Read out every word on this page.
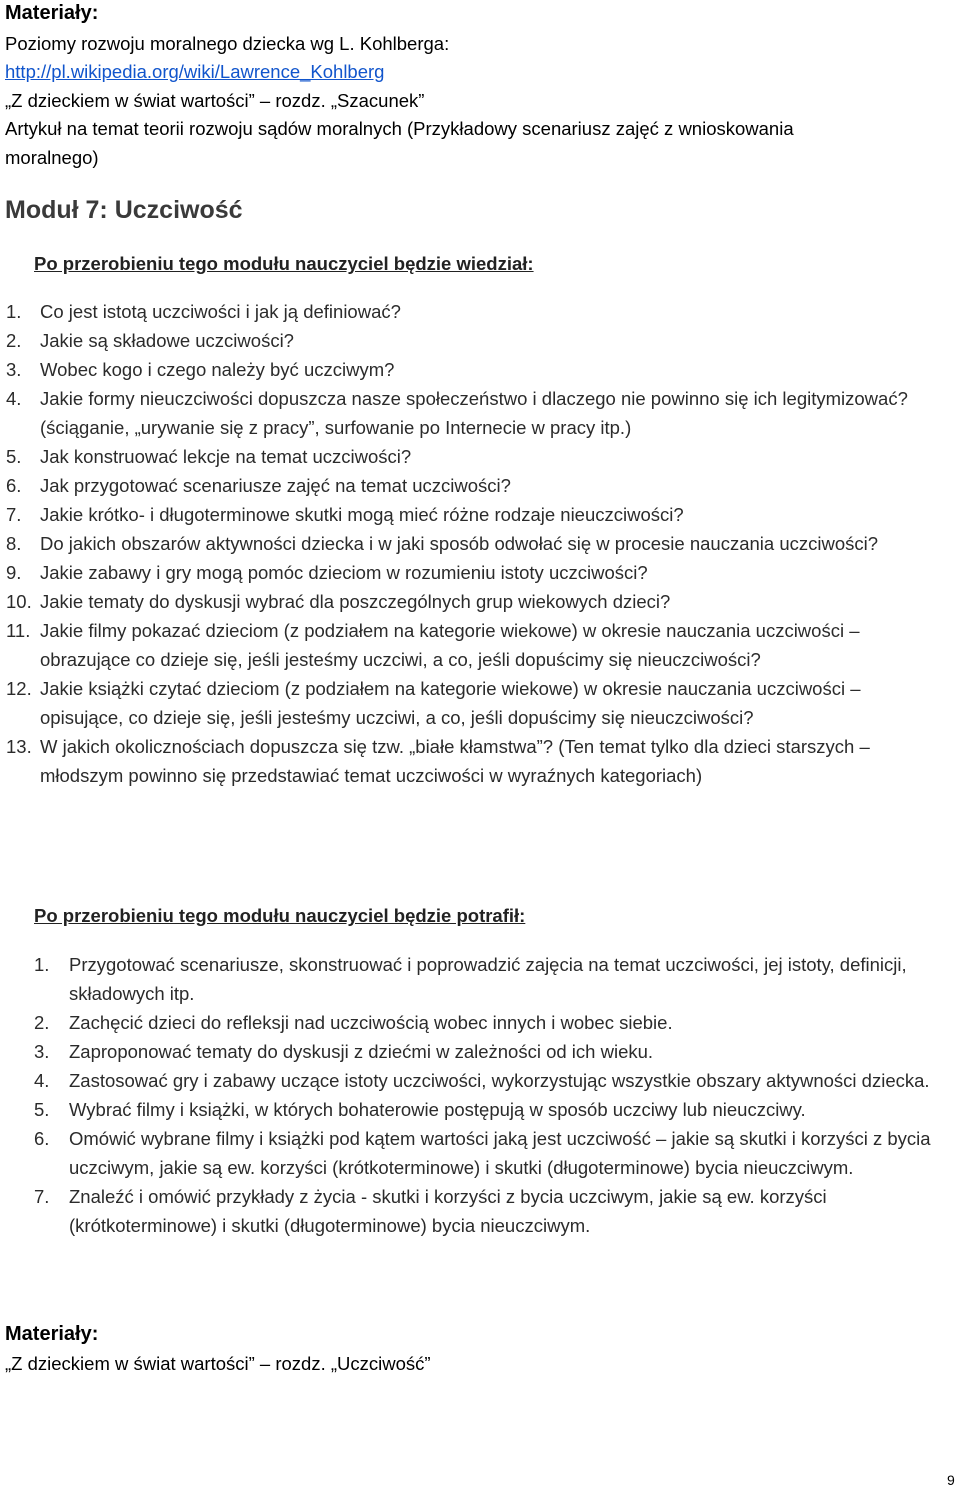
Materiały:
Poziomy rozwoju moralnego dziecka wg L. Kohlberga:
http://pl.wikipedia.org/wiki/Lawrence_Kohlberg
„Z dzieckiem w świat wartości” – rozdz. „Szacunek”
Artykuł na temat teorii rozwoju sądów moralnych (Przykładowy scenariusz zajęć z wnioskowania
moralnego)
Moduł 7: Uczciwość
Po przerobieniu tego modułu nauczyciel będzie wiedział:
1. Co jest istotą uczciwości i jak ją definiować?
2. Jakie są składowe uczciwości?
3. Wobec kogo i czego należy być uczciwym?
4. Jakie formy nieuczciwości dopuszcza nasze społeczeństwo i dlaczego nie powinno się ich legitymizować? (ściąganie, „urywanie się z pracy”, surfowanie po Internecie w pracy itp.)
5. Jak konstruować lekcje na temat uczciwości?
6. Jak przygotować scenariusze zajęć na temat uczciwości?
7. Jakie krótko- i długoterminowe skutki mogą mieć różne rodzaje nieuczciwości?
8. Do jakich obszarów aktywności dziecka i w jaki sposób odwołać się w procesie nauczania uczciwości?
9. Jakie zabawy i gry mogą pomóc dzieciom w rozumieniu istoty uczciwości?
10. Jakie tematy do dyskusji wybrać dla poszczególnych grup wiekowych dzieci?
11. Jakie filmy pokazać dzieciom (z podziałem na kategorie wiekowe) w okresie nauczania uczciwości – obrazujące co dzieje się, jeśli jesteśmy uczciwi, a co, jeśli dopuścimy się nieuczciwości?
12. Jakie książki czytać dzieciom (z podziałem na kategorie wiekowe) w okresie nauczania uczciwości – opisujące, co dzieje się, jeśli jesteśmy uczciwi, a co, jeśli dopuścimy się nieuczciwości?
13. W jakich okolicznościach dopuszcza się tzw. „białe kłamstwa”? (Ten temat tylko dla dzieci starszych – młodszym powinno się przedstawiać temat uczciwości w wyraźnych kategoriach)
Po przerobieniu tego modułu nauczyciel będzie potrafił:
1. Przygotować scenariusze, skonstruować i poprowadzić zajęcia na temat uczciwości, jej istoty, definicji, składowych itp.
2. Zachęcić dzieci do refleksji nad uczciwością wobec innych i wobec siebie.
3. Zaproponować tematy do dyskusji z dziećmi w zależności od ich wieku.
4. Zastosować gry i zabawy uczące istoty uczciwości, wykorzystując wszystkie obszary aktywności dziecka.
5. Wybrać filmy i książki, w których bohaterowie postępują w sposób uczciwy lub nieuczciwy.
6. Omówić wybrane filmy i książki pod kątem wartości jaką jest uczciwość – jakie są skutki i korzyści z bycia uczciwym, jakie są ew. korzyści (krótkoterminowe) i skutki (długoterminowe) bycia nieuczciwym.
7. Znaleźć i omówić przykłady z życia - skutki i korzyści z bycia uczciwym, jakie są ew. korzyści (krótkoterminowe) i skutki (długoterminowe) bycia nieuczciwym.
Materiały:
„Z dzieckiem w świat wartości” – rozdz. „Uczciwość”
9
